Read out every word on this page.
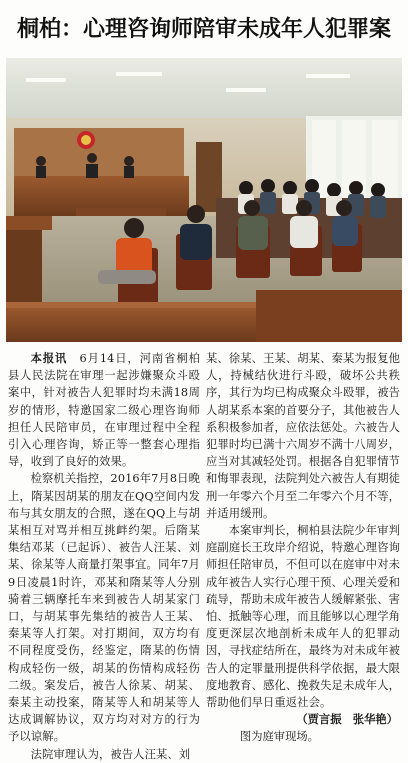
桐柏：心理咨询师陪审未成年人犯罪案

本报讯　 6月14日，河南省桐柏县人民法院在审理一起涉嫌聚众斗殴案中，针对被告人犯罪时均未满18周岁的情形，特邀国家二级心理咨询师担任人民陪审员，在审理过程中全程引入心理咨询，矫正等一整套心理指导，收到了良好的效果。

检察机关指控，2016年7月8日晚上，隋某因胡某的朋友在QQ空间内发布与其女朋友的合照，遂在QQ上与胡某相互对骂并相互挑衅约架。后隋某集结邓某（已起诉）、被告人汪某、刘某、徐某等人商量打架事宜。同年7月9日凌晨1时许，邓某和隋某等人分别骑着三辆摩托车来到被告人胡某家门口，与胡某事先集结的被告人王某、秦某等人打架。对打期间，双方均有不同程度受伤，经鉴定，隋某的伤情构成轻伤一级，胡某的伤情构成轻伤二级。案发后，被告人徐某、胡某、秦某主动投案，隋某等人和胡某等人达成调解协议，双方均对对方的行为予以谅解。

法院审理认为，被告人汪某、刘

某、徐某、王某、胡某、秦某为报复他人，持械结伙进行斗殴，破坏公共秩序，其行为均已构成聚众斗殴罪，被告人胡某系本案的首要分子，其他被告人系积极参加者，应依法惩处。六被告人犯罪时均已满十六周岁不满十八周岁，应当对其减轻处罚。根据各自犯罪情节和悔罪表现，法院判处六被告人有期徒刑一年零六个月至二年零六个月不等，并适用缓刑。

本案审判长，桐柏县法院少年审判庭副庭长王玫岸介绍说，特邀心理咨询师担任陪审员，不但可以在庭审中对未成年被告人实行心理干预、心理关爱和疏导，帮助未成年被告人缓解紧张、害怕、抵触等心理，而且能够以心理学角度更深层次地剖析未成年人的犯罪动因，寻找症结所在，最终为对未成年被告人的定罪量刑提供科学依据，最大限度地教育、感化、挽救失足未成年人，帮助他们早日重返社会。

（贾言振　张华艳）
图为庭审现场。
